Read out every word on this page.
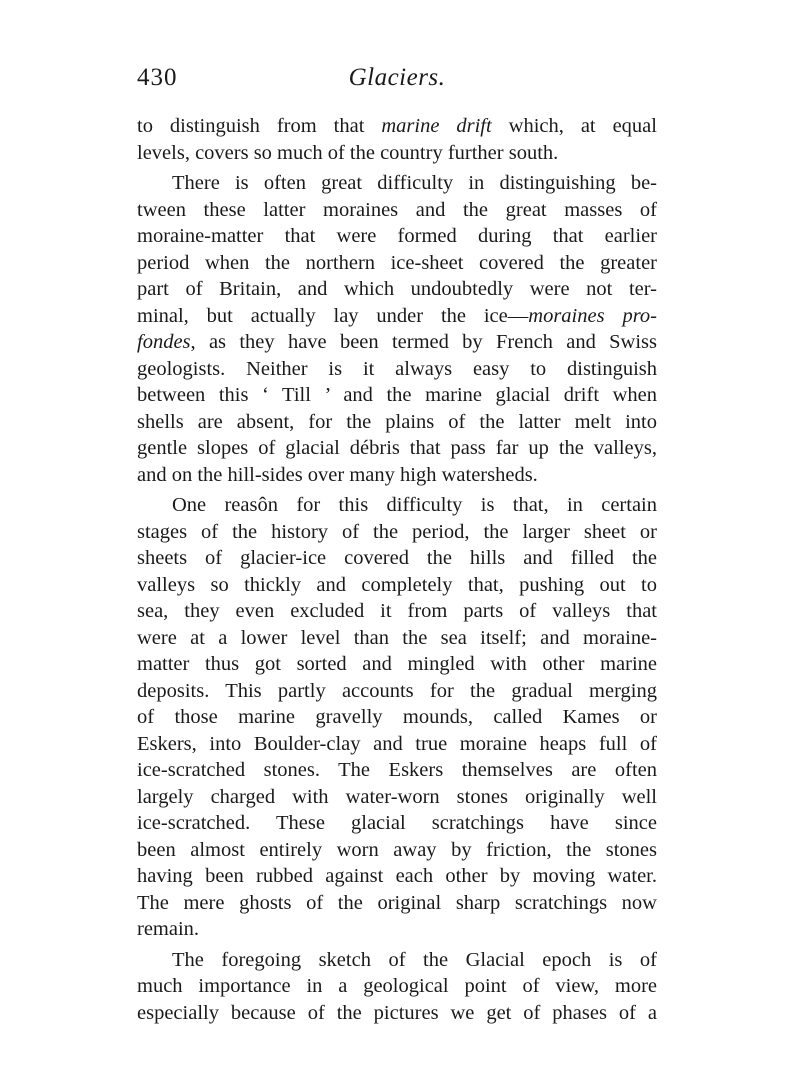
430	Glaciers.
to distinguish from that marine drift which, at equal
levels, covers so much of the country further south.
There is often great difficulty in distinguishing be-
tween these latter moraines and the great masses of
moraine-matter that were formed during that earlier
period when the northern ice-sheet covered the greater
part of Britain, and which undoubtedly were not ter-
minal, but actually lay under the ice—moraines pro-
fondes, as they have been termed by French and Swiss
geologists. Neither is it always easy to distinguish
between this ‘ Till ’ and the marine glacial drift when
shells are absent, for the plains of the latter melt into
gentle slopes of glacial débris that pass far up the valleys,
and on the hill-sides over many high watersheds.
One reasôn for this difficulty is that, in certain
stages of the history of the period, the larger sheet or
sheets of glacier-ice covered the hills and filled the
valleys so thickly and completely that, pushing out to
sea, they even excluded it from parts of valleys that
were at a lower level than the sea itself; and moraine-
matter thus got sorted and mingled with other marine
deposits. This partly accounts for the gradual merging
of those marine gravelly mounds, called Kames or
Eskers, into Boulder-clay and true moraine heaps full of
ice-scratched stones. The Eskers themselves are often
largely charged with water-worn stones originally well
ice-scratched. These glacial scratchings have since
been almost entirely worn away by friction, the stones
having been rubbed against each other by moving water.
The mere ghosts of the original sharp scratchings now
remain.
The foregoing sketch of the Glacial epoch is of
much importance in a geological point of view, more
especially because of the pictures we get of phases of a
